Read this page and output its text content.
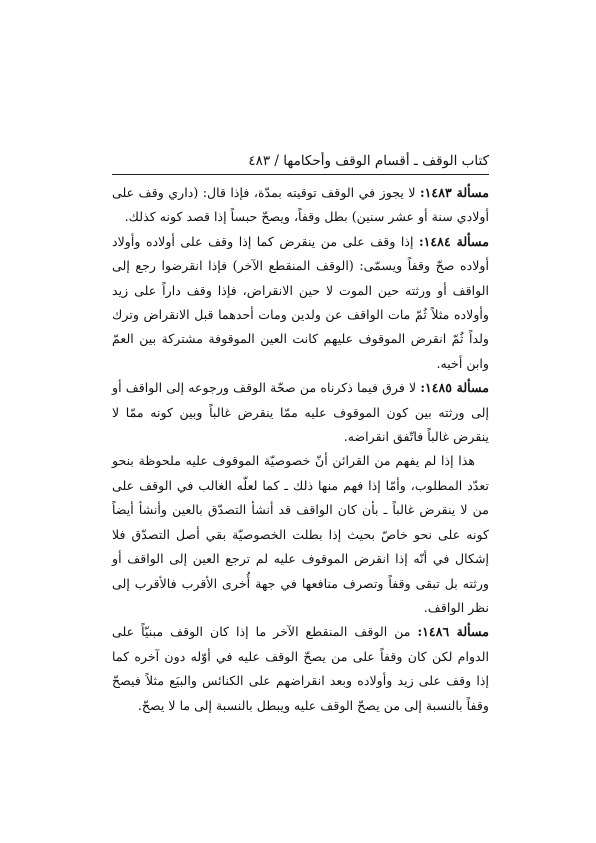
كتاب الوقف ـ أقسام الوقف وأحكامها / ٤٨٣

مسألة ١٤٨٣: لا يجوز في الوقف توقيته بمدّة، فإذا قال: (داري وقف على أولادي سنة أو عشر سنين) بطل وقفاً، ويصحّ حبساً إذا قصد كونه كذلك.

مسألة ١٤٨٤: إذا وقف على من ينقرض كما إذا وقف على أولاده وأولاد أولاده صحّ وقفاً ويسمّى: (الوقف المنقطع الآخر) فإذا انقرضوا رجع إلى الواقف أو ورثته حين الموت لا حين الانقراض، فإذا وقف داراً على زيد وأولاده مثلاً ثُمّ مات الواقف عن ولدين ومات أحدهما قبل الانقراض وترك ولداً ثُمّ انقرض الموقوف عليهم كانت العين الموقوفة مشتركة بين العمّ وابن أخيه.

مسألة ١٤٨٥: لا فرق فيما ذكرناه من صحّة الوقف ورجوعه إلى الواقف أو إلى ورثته بين كون الموقوف عليه ممّا ينقرض غالباً وبين كونه ممّا لا ينقرض غالباً فاتّفق انقراضه.

هذا إذا لم يفهم من القرائن أنّ خصوصيّة الموقوف عليه ملحوظة بنحو تعدّد المطلوب، وأمّا إذا فهم منها ذلك ـ كما لعلّه الغالب في الوقف على من لا ينقرض غالباً ـ بأن كان الواقف قد أنشأ التصدّق بالعين وأنشأ أيضاً كونه على نحو خاصّ بحيث إذا بطلت الخصوصيّة بقي أصل التصدّق فلا إشكال في أنّه إذا انقرض الموقوف عليه لم ترجع العين إلى الواقف أو ورثته بل تبقى وقفاً وتصرف منافعها في جهة أُخرى الأقرب فالأقرب إلى نظر الواقف.

مسألة ١٤٨٦: من الوقف المنقطع الآخر ما إذا كان الوقف مبنيّاً على الدوام لكن كان وقفاً على من يصحّ الوقف عليه في أوّله دون آخره كما إذا وقف على زيد وأولاده وبعد انقراضهم على الكنائس والبيَع مثلاً فيصحّ وقفاً بالنسبة إلى من يصحّ الوقف عليه ويبطل بالنسبة إلى ما لا يصحّ.
